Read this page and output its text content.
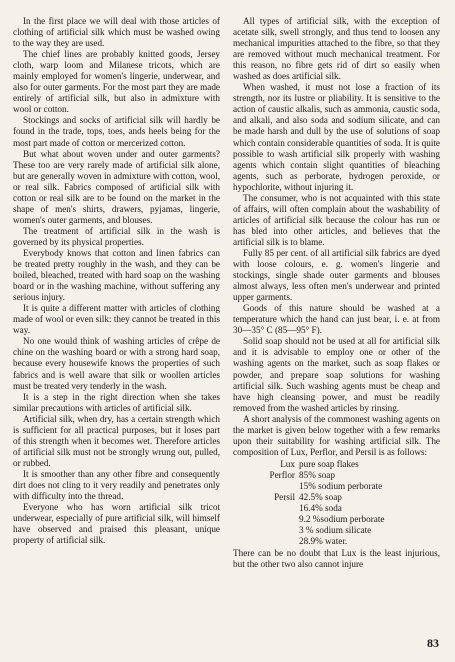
In the first place we will deal with those articles of clothing of artificial silk which must be washed owing to the way they are used.

The chief lines are probably knitted goods, Jersey cloth, warp loom and Milanese tricots, which are mainly employed for women's lingerie, underwear, and also for outer garments. For the most part they are made entirely of artificial silk, but also in admixture with wool or cotton.

Stockings and socks of artificial silk will hardly be found in the trade, tops, toes, ands heels being for the most part made of cotton or mercerized cotton.

But what about woven under and outer garments? These too are very rarely made of artificial silk alone, but are generally woven in admixture with cotton, wool, or real silk. Fabrics composed of artificial silk with cotton or real silk are to be found on the market in the shape of men's shirts, drawers, pyjamas, lingerie, women's outer garments, and blouses.

The treatment of artificial silk in the wash is governed by its physical properties.

Everybody knows that cotton and linen fabrics can be treated pretty roughly in the wash, and they can be boiled, bleached, treated with hard soap on the washing board or in the washing machine, without suffering any serious injury.

It is quite a different matter with articles of clothing made of wool or even silk: they cannot be treated in this way.

No one would think of washing articles of crêpe de chine on the washing board or with a strong hard soap, because every housewife knows the properties of such fabrics and is well aware that silk or woollen articles must be treated very tenderly in the wash.

It is a step in the right direction when she takes similar precautions with articles of artificial silk.

Artificial silk, when dry, has a certain strength which is sufficient for all practical purposes, but it loses part of this strength when it becomes wet. Therefore articles of artificial silk must not be strongly wrung out, pulled, or rubbed.

It is smoother than any other fibre and consequently dirt does not cling to it very readily and penetrates only with difficulty into the thread.

Everyone who has worn artificial silk tricot underwear, especially of pure artificial silk, will himself have observed and praised this pleasant, unique property of artificial silk.

All types of artificial silk, with the exception of acetate silk, swell strongly, and thus tend to loosen any mechanical impurities attached to the fibre, so that they are removed without much mechanical treatment. For this reason, no fibre gets rid of dirt so easily when washed as does artificial silk.

When washed, it must not lose a fraction of its strength, nor its lustre or pliability. It is sensitive to the action of caustic alkalis, such as ammonia, caustic soda, and alkali, and also soda and sodium silicate, and can be made harsh and dull by the use of solutions of soap which contain considerable quantities of soda. It is quite possible to wash artificial silk properly with washing agents which contain slight quantities of bleaching agents, such as perborate, hydrogen peroxide, or hypochlorite, without injuring it.

The consumer, who is not acquainted with this state of affairs, will often complain about the washability of articles of artificial silk because the colour has run or has bled into other articles, and believes that the artificial silk is to blame.

Fully 85 per cent. of all artificial silk fabrics are dyed with loose colours, e. g. women's lingerie and stockings, single shade outer garments and blouses almost always, less often men's underwear and printed upper garments.

Goods of this nature should be washed at a temperature which the hand can just bear, i. e. at from 30—35° C (85—95° F).

Solid soap should not be used at all for artificial silk and it is advisable to employ one or other of the washing agents on the market, such as soap flakes or powder, and prepare soap solutions for washing artificial silk. Such washing agents must be cheap and have high cleansing power, and must be readily removed from the washed articles by rinsing.

A short analysis of the commonest washing agents on the market is given below together with a few remarks upon their suitability for washing artificial silk. The composition of Lux, Perflor, and Persil is as follows:

Lux	pure soap flakes
Perflor	85% soap
	15% sodium perborate
Persil	42.5% soap
	16.4% soda
	9.2 %sodium perborate
	3 % sodium silicate
	28.9% water.

There can be no doubt that Lux is the least injurious, but the other two also cannot injure

83
